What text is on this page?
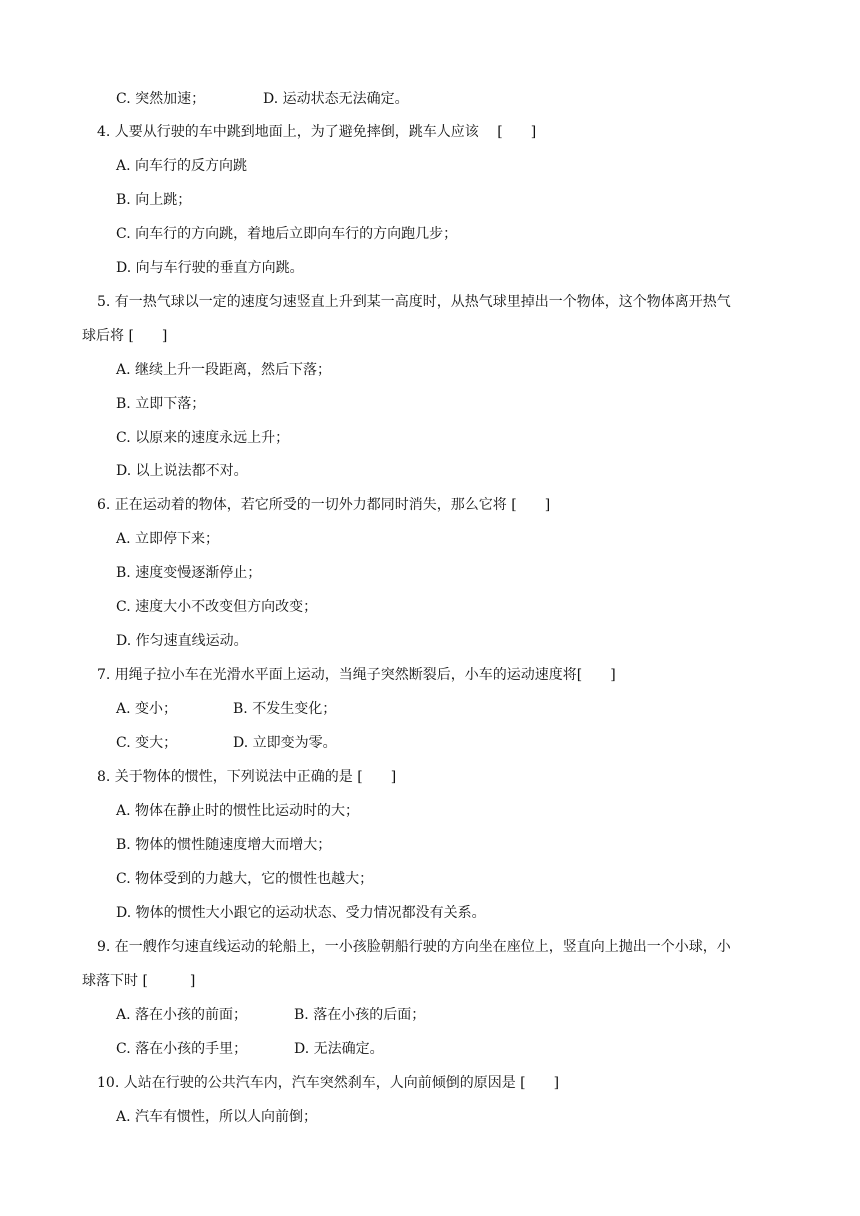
C. 突然加速；	D. 运动状态无法确定。
4. 人要从行驶的车中跳到地面上，为了避免摔倒，跳车人应该　 [　　]
A. 向车行的反方向跳
B. 向上跳；
C. 向车行的方向跳，着地后立即向车行的方向跑几步；
D. 向与车行驶的垂直方向跳。
5. 有一热气球以一定的速度匀速竖直上升到某一高度时，从热气球里掉出一个物体，这个物体离开热气
球后将 [　　]
A. 继续上升一段距离，然后下落；
B. 立即下落；
C. 以原来的速度永远上升；
D. 以上说法都不对。
6. 正在运动着的物体，若它所受的一切外力都同时消失，那么它将 [　　]
A. 立即停下来；
B. 速度变慢逐渐停止；
C. 速度大小不改变但方向改变；
D. 作匀速直线运动。
7. 用绳子拉小车在光滑水平面上运动，当绳子突然断裂后，小车的运动速度将[　　]
A. 变小；	B. 不发生变化；
C. 变大；	D. 立即变为零。
8. 关于物体的惯性，下列说法中正确的是 [　　]
A. 物体在静止时的惯性比运动时的大；
B. 物体的惯性随速度增大而增大；
C. 物体受到的力越大，它的惯性也越大；
D. 物体的惯性大小跟它的运动状态、受力情况都没有关系。
9. 在一艘作匀速直线运动的轮船上，一小孩脸朝船行驶的方向坐在座位上，竖直向上抛出一个小球，小
球落下时 [　　　]
A. 落在小孩的前面；	B. 落在小孩的后面；
C. 落在小孩的手里；	D. 无法确定。
10. 人站在行驶的公共汽车内，汽车突然刹车，人向前倾倒的原因是 [　　]
A. 汽车有惯性，所以人向前倒；
